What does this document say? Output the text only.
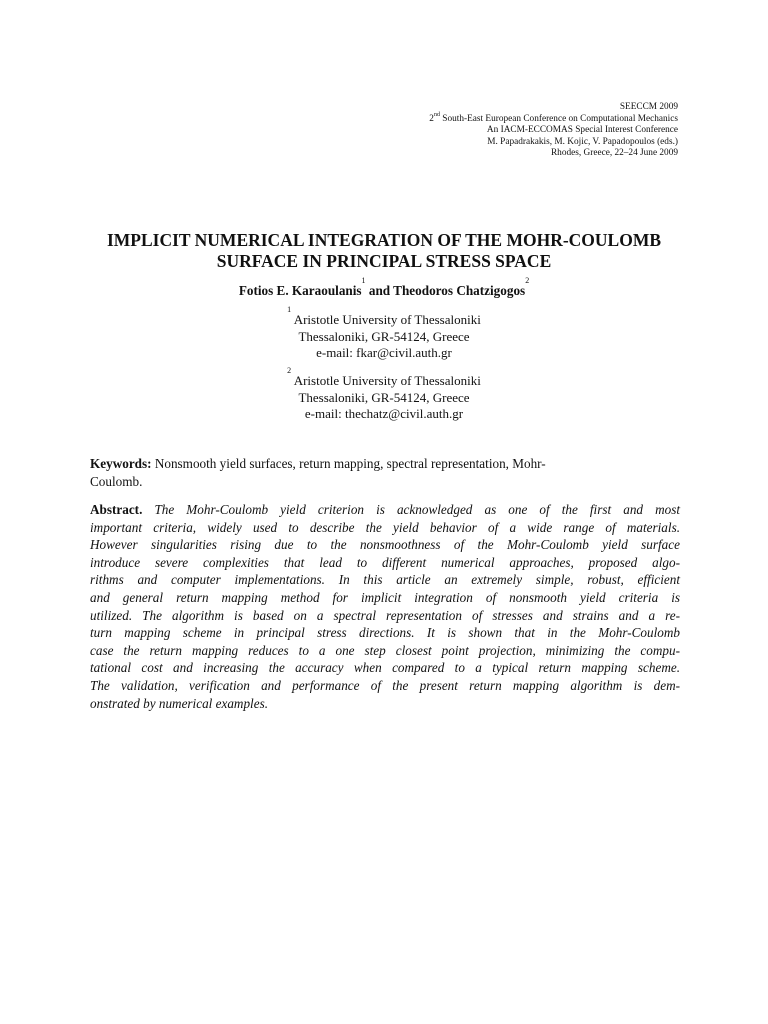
SEECCM 2009
2nd South-East European Conference on Computational Mechanics
An IACM-ECCOMAS Special Interest Conference
M. Papadrakakis, M. Kojic, V. Papadopoulos (eds.)
Rhodes, Greece, 22–24 June 2009
IMPLICIT NUMERICAL INTEGRATION OF THE MOHR-COULOMB
SURFACE IN PRINCIPAL STRESS SPACE
Fotios E. Karaoulanis$^1$ and Theodoros Chatzigogos$^2$
$^1$ Aristotle University of Thessaloniki
Thessaloniki, GR-54124, Greece
e-mail: fkar@civil.auth.gr
$^2$ Aristotle University of Thessaloniki
Thessaloniki, GR-54124, Greece
e-mail: thechatz@civil.auth.gr
Keywords: Nonsmooth yield surfaces, return mapping, spectral representation, Mohr-
Coulomb.
Abstract. The Mohr-Coulomb yield criterion is acknowledged as one of the first and most
important criteria, widely used to describe the yield behavior of a wide range of materials.
However singularities rising due to the nonsmoothness of the Mohr-Coulomb yield surface
introduce severe complexities that lead to different numerical approaches, proposed algo-
rithms and computer implementations. In this article an extremely simple, robust, efficient
and general return mapping method for implicit integration of nonsmooth yield criteria is
utilized. The algorithm is based on a spectral representation of stresses and strains and a re-
turn mapping scheme in principal stress directions. It is shown that in the Mohr-Coulomb
case the return mapping reduces to a one step closest point projection, minimizing the compu-
tational cost and increasing the accuracy when compared to a typical return mapping scheme.
The validation, verification and performance of the present return mapping algorithm is dem-
onstrated by numerical examples.
